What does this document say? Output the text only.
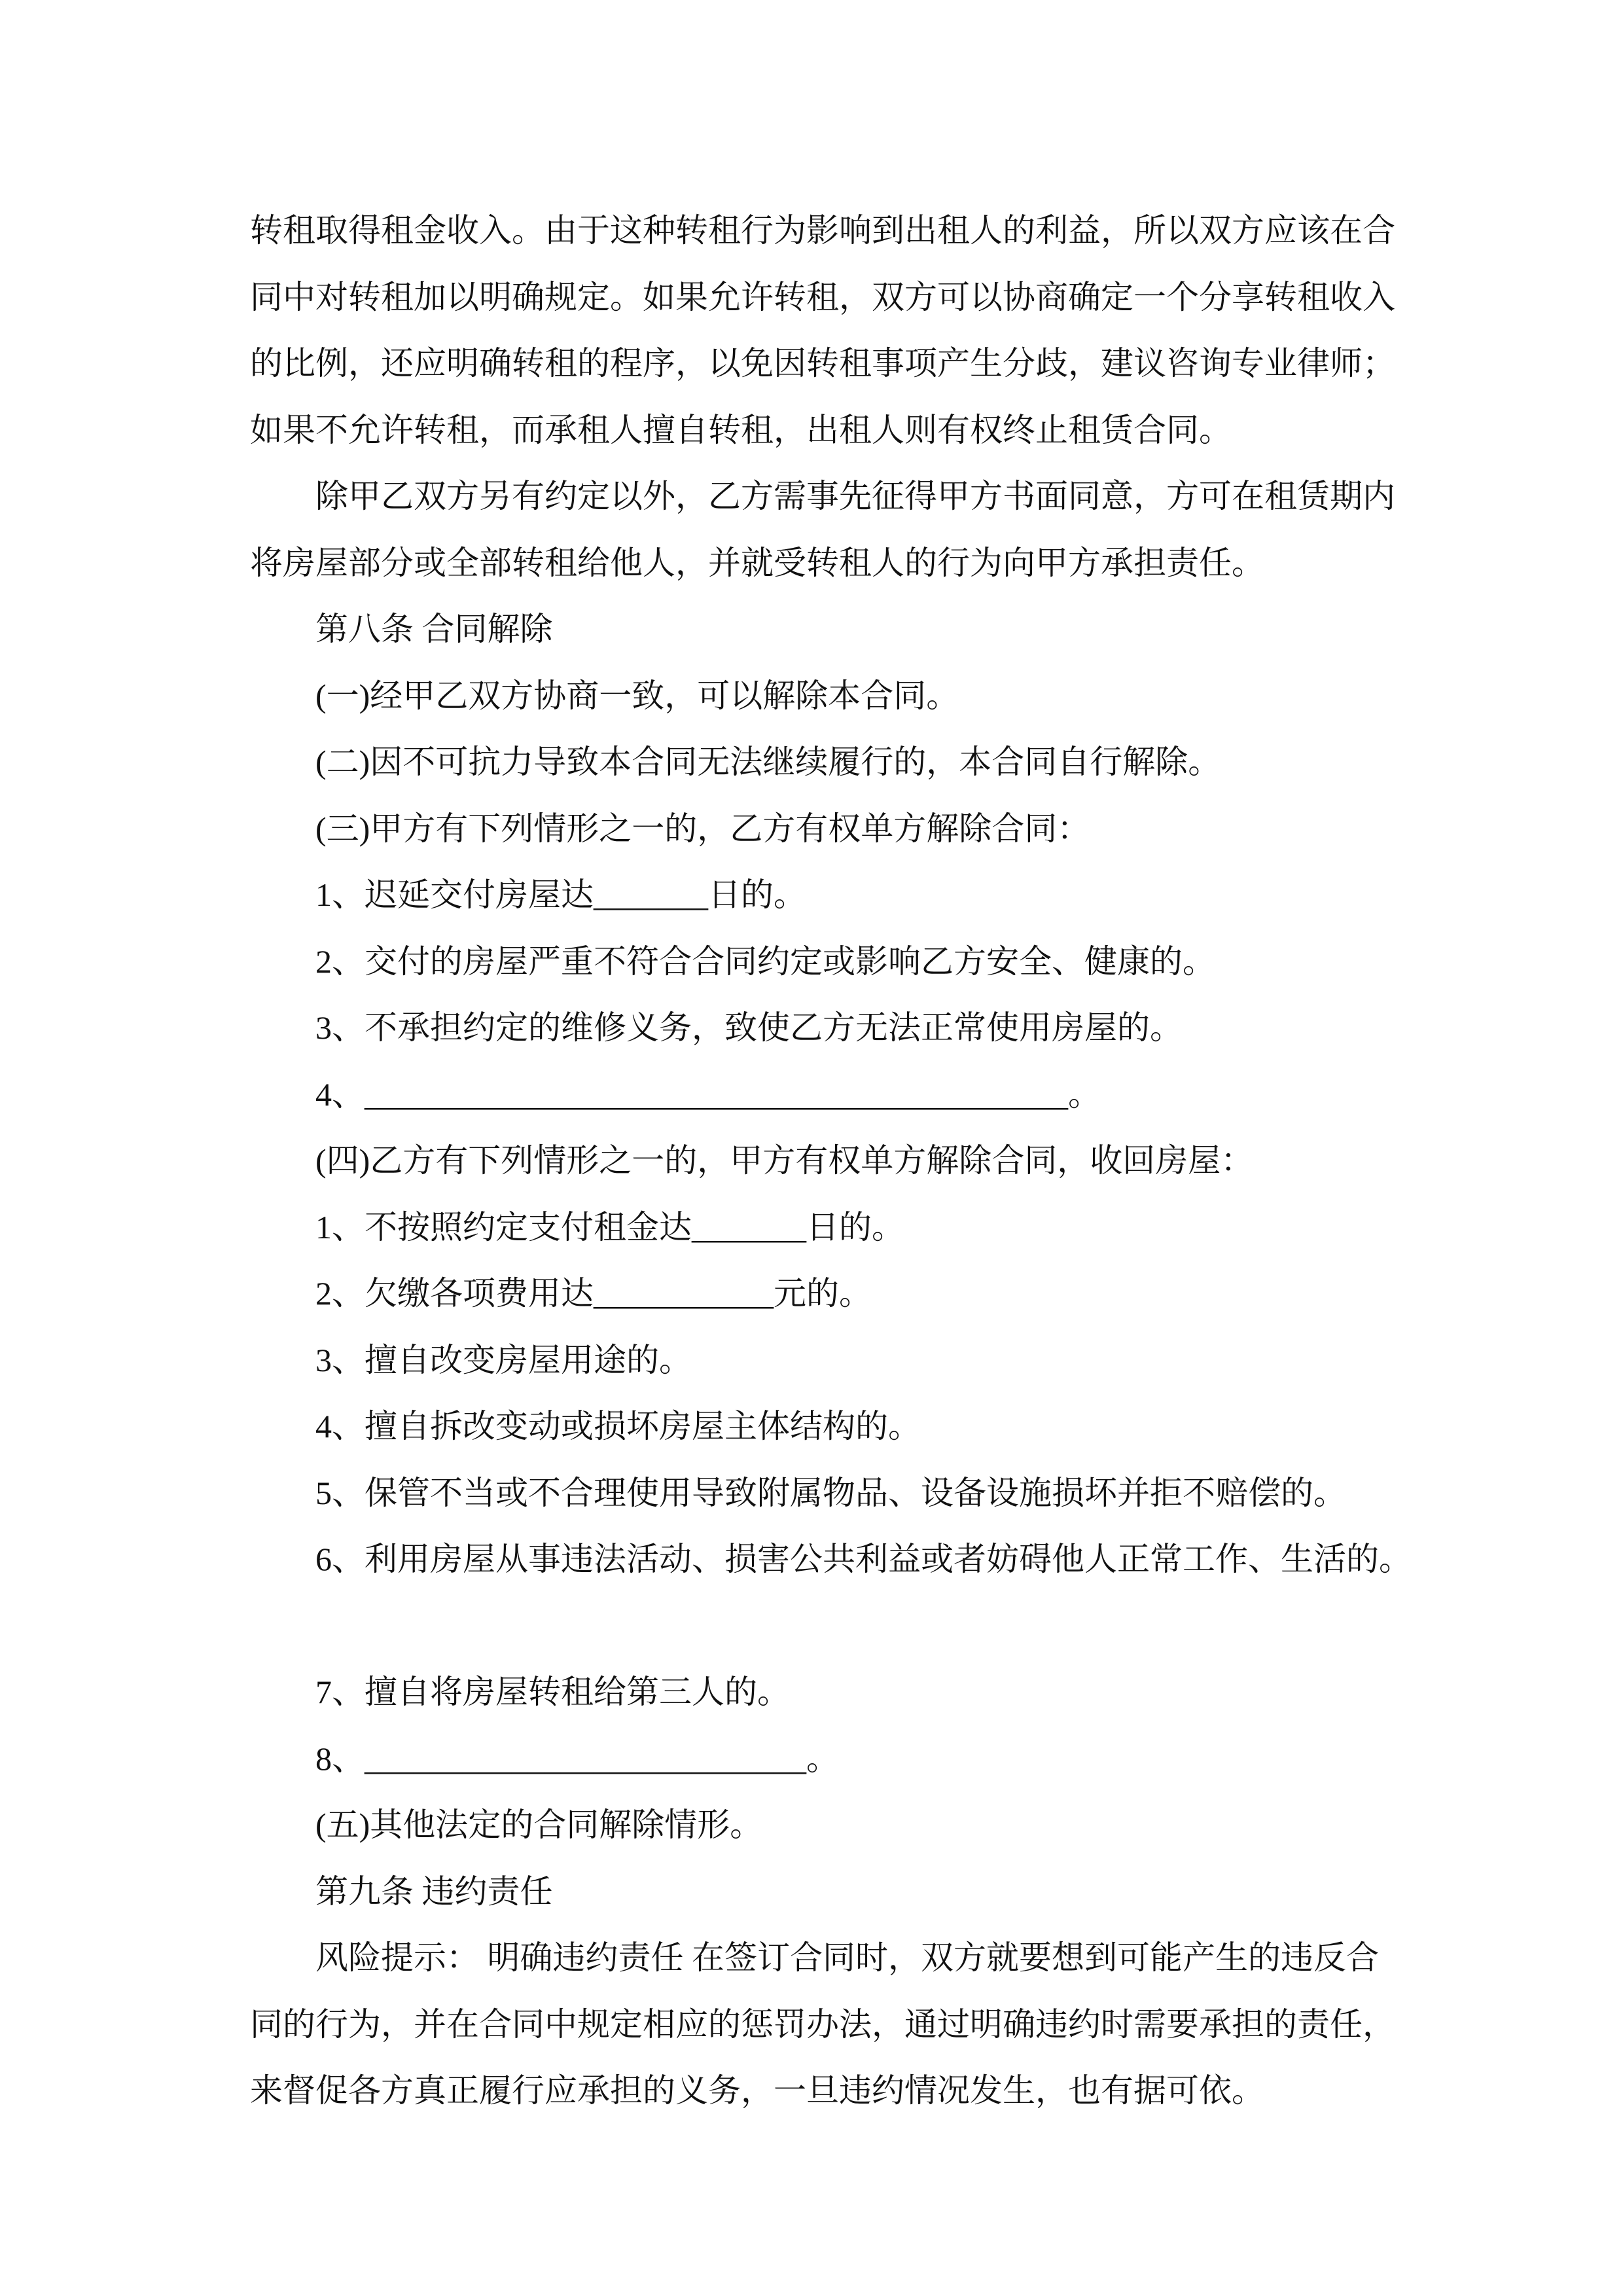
转租取得租金收入。由于这种转租行为影响到出租人的利益，所以双方应该在合
同中对转租加以明确规定。如果允许转租，双方可以协商确定一个分享转租收入
的比例，还应明确转租的程序，以免因转租事项产生分歧，建议咨询专业律师；
如果不允许转租，而承租人擅自转租，出租人则有权终止租赁合同。
除甲乙双方另有约定以外，乙方需事先征得甲方书面同意，方可在租赁期内
将房屋部分或全部转租给他人，并就受转租人的行为向甲方承担责任。
第八条 合同解除
(一)经甲乙双方协商一致，可以解除本合同。
(二)因不可抗力导致本合同无法继续履行的，本合同自行解除。
(三)甲方有下列情形之一的，乙方有权单方解除合同：
1、迟延交付房屋达_______日的。
2、交付的房屋严重不符合合同约定或影响乙方安全、健康的。
3、不承担约定的维修义务，致使乙方无法正常使用房屋的。
4、___________________________________________。
(四)乙方有下列情形之一的，甲方有权单方解除合同，收回房屋：
1、不按照约定支付租金达_______日的。
2、欠缴各项费用达___________元的。
3、擅自改变房屋用途的。
4、擅自拆改变动或损坏房屋主体结构的。
5、保管不当或不合理使用导致附属物品、设备设施损坏并拒不赔偿的。
6、利用房屋从事违法活动、损害公共利益或者妨碍他人正常工作、生活的。
7、擅自将房屋转租给第三人的。
8、___________________________。
(五)其他法定的合同解除情形。
第九条 违约责任
风险提示： 明确违约责任 在签订合同时，双方就要想到可能产生的违反合
同的行为，并在合同中规定相应的惩罚办法，通过明确违约时需要承担的责任，
来督促各方真正履行应承担的义务，一旦违约情况发生，也有据可依。
